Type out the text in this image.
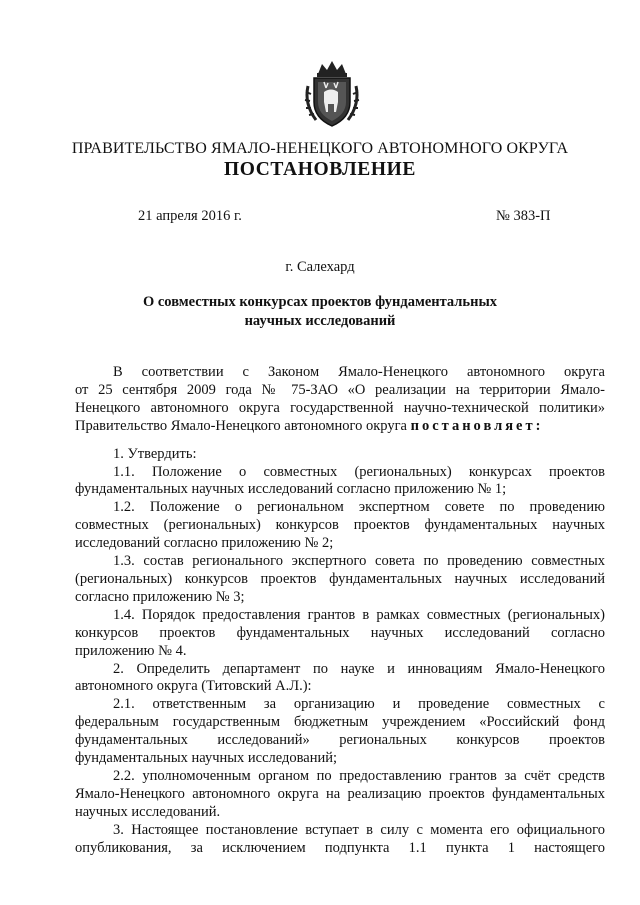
ПРАВИТЕЛЬСТВО ЯМАЛО-НЕНЕЦКОГО АВТОНОМНОГО ОКРУГА
ПОСТАНОВЛЕНИЕ
21 апреля 2016 г.	№ 383-П
г. Салехард
О совместных конкурсах проектов фундаментальных
научных исследований

В соответствии с Законом Ямало-Ненецкого автономного округа

от 25 сентября 2009 года № 75-ЗАО «О реализации на территории Ямало-

Ненецкого автономного округа государственной научно-технической политики»

Правительство Ямало-Ненецкого автономного округа постановляет:

1. Утвердить:

1.1. Положение о совместных (региональных) конкурсах проектов

фундаментальных научных исследований согласно приложению № 1;

1.2. Положение о региональном экспертном совете по проведению

совместных (региональных) конкурсов проектов фундаментальных научных

исследований согласно приложению № 2;

1.3. состав регионального экспертного совета по проведению совместных

(региональных) конкурсов проектов фундаментальных научных исследований

согласно приложению № 3;

1.4. Порядок предоставления грантов в рамках совместных (региональных)

конкурсов проектов фундаментальных научных исследований согласно

приложению № 4.

2. Определить департамент по науке и инновациям Ямало-Ненецкого

автономного округа (Титовский А.Л.):

2.1. ответственным за организацию и проведение совместных с

федеральным государственным бюджетным учреждением «Российский фонд

фундаментальных исследований» региональных конкурсов проектов

фундаментальных научных исследований;

2.2. уполномоченным органом по предоставлению грантов за счёт средств

Ямало-Ненецкого автономного округа на реализацию проектов фундаментальных

научных исследований.

3. Настоящее постановление вступает в силу с момента его официального

опубликования, за исключением подпункта 1.1 пункта 1 настоящего
